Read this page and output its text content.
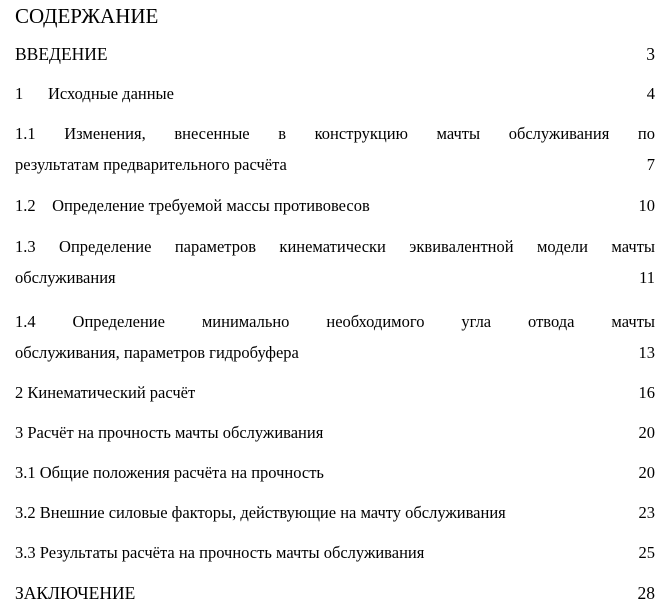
СОДЕРЖАНИЕ
ВВЕДЕНИЕ	3
1      Исходные данные	4
1.1 Изменения, внесенные в конструкцию мачты обслуживания по
результатам предварительного расчёта	7
1.2    Определение требуемой массы противовесов	10
1.3 Определение параметров кинематически эквивалентной модели мачты
обслуживания	11
1.4 Определение минимально необходимого угла отвода мачты
обслуживания, параметров гидробуфера	13
2 Кинематический расчёт	16
3 Расчёт на прочность мачты обслуживания	20
3.1 Общие положения расчёта на прочность	20
3.2 Внешние силовые факторы, действующие на мачту обслуживания	23
3.3 Результаты расчёта на прочность мачты обслуживания	25
ЗАКЛЮЧЕНИЕ	28
